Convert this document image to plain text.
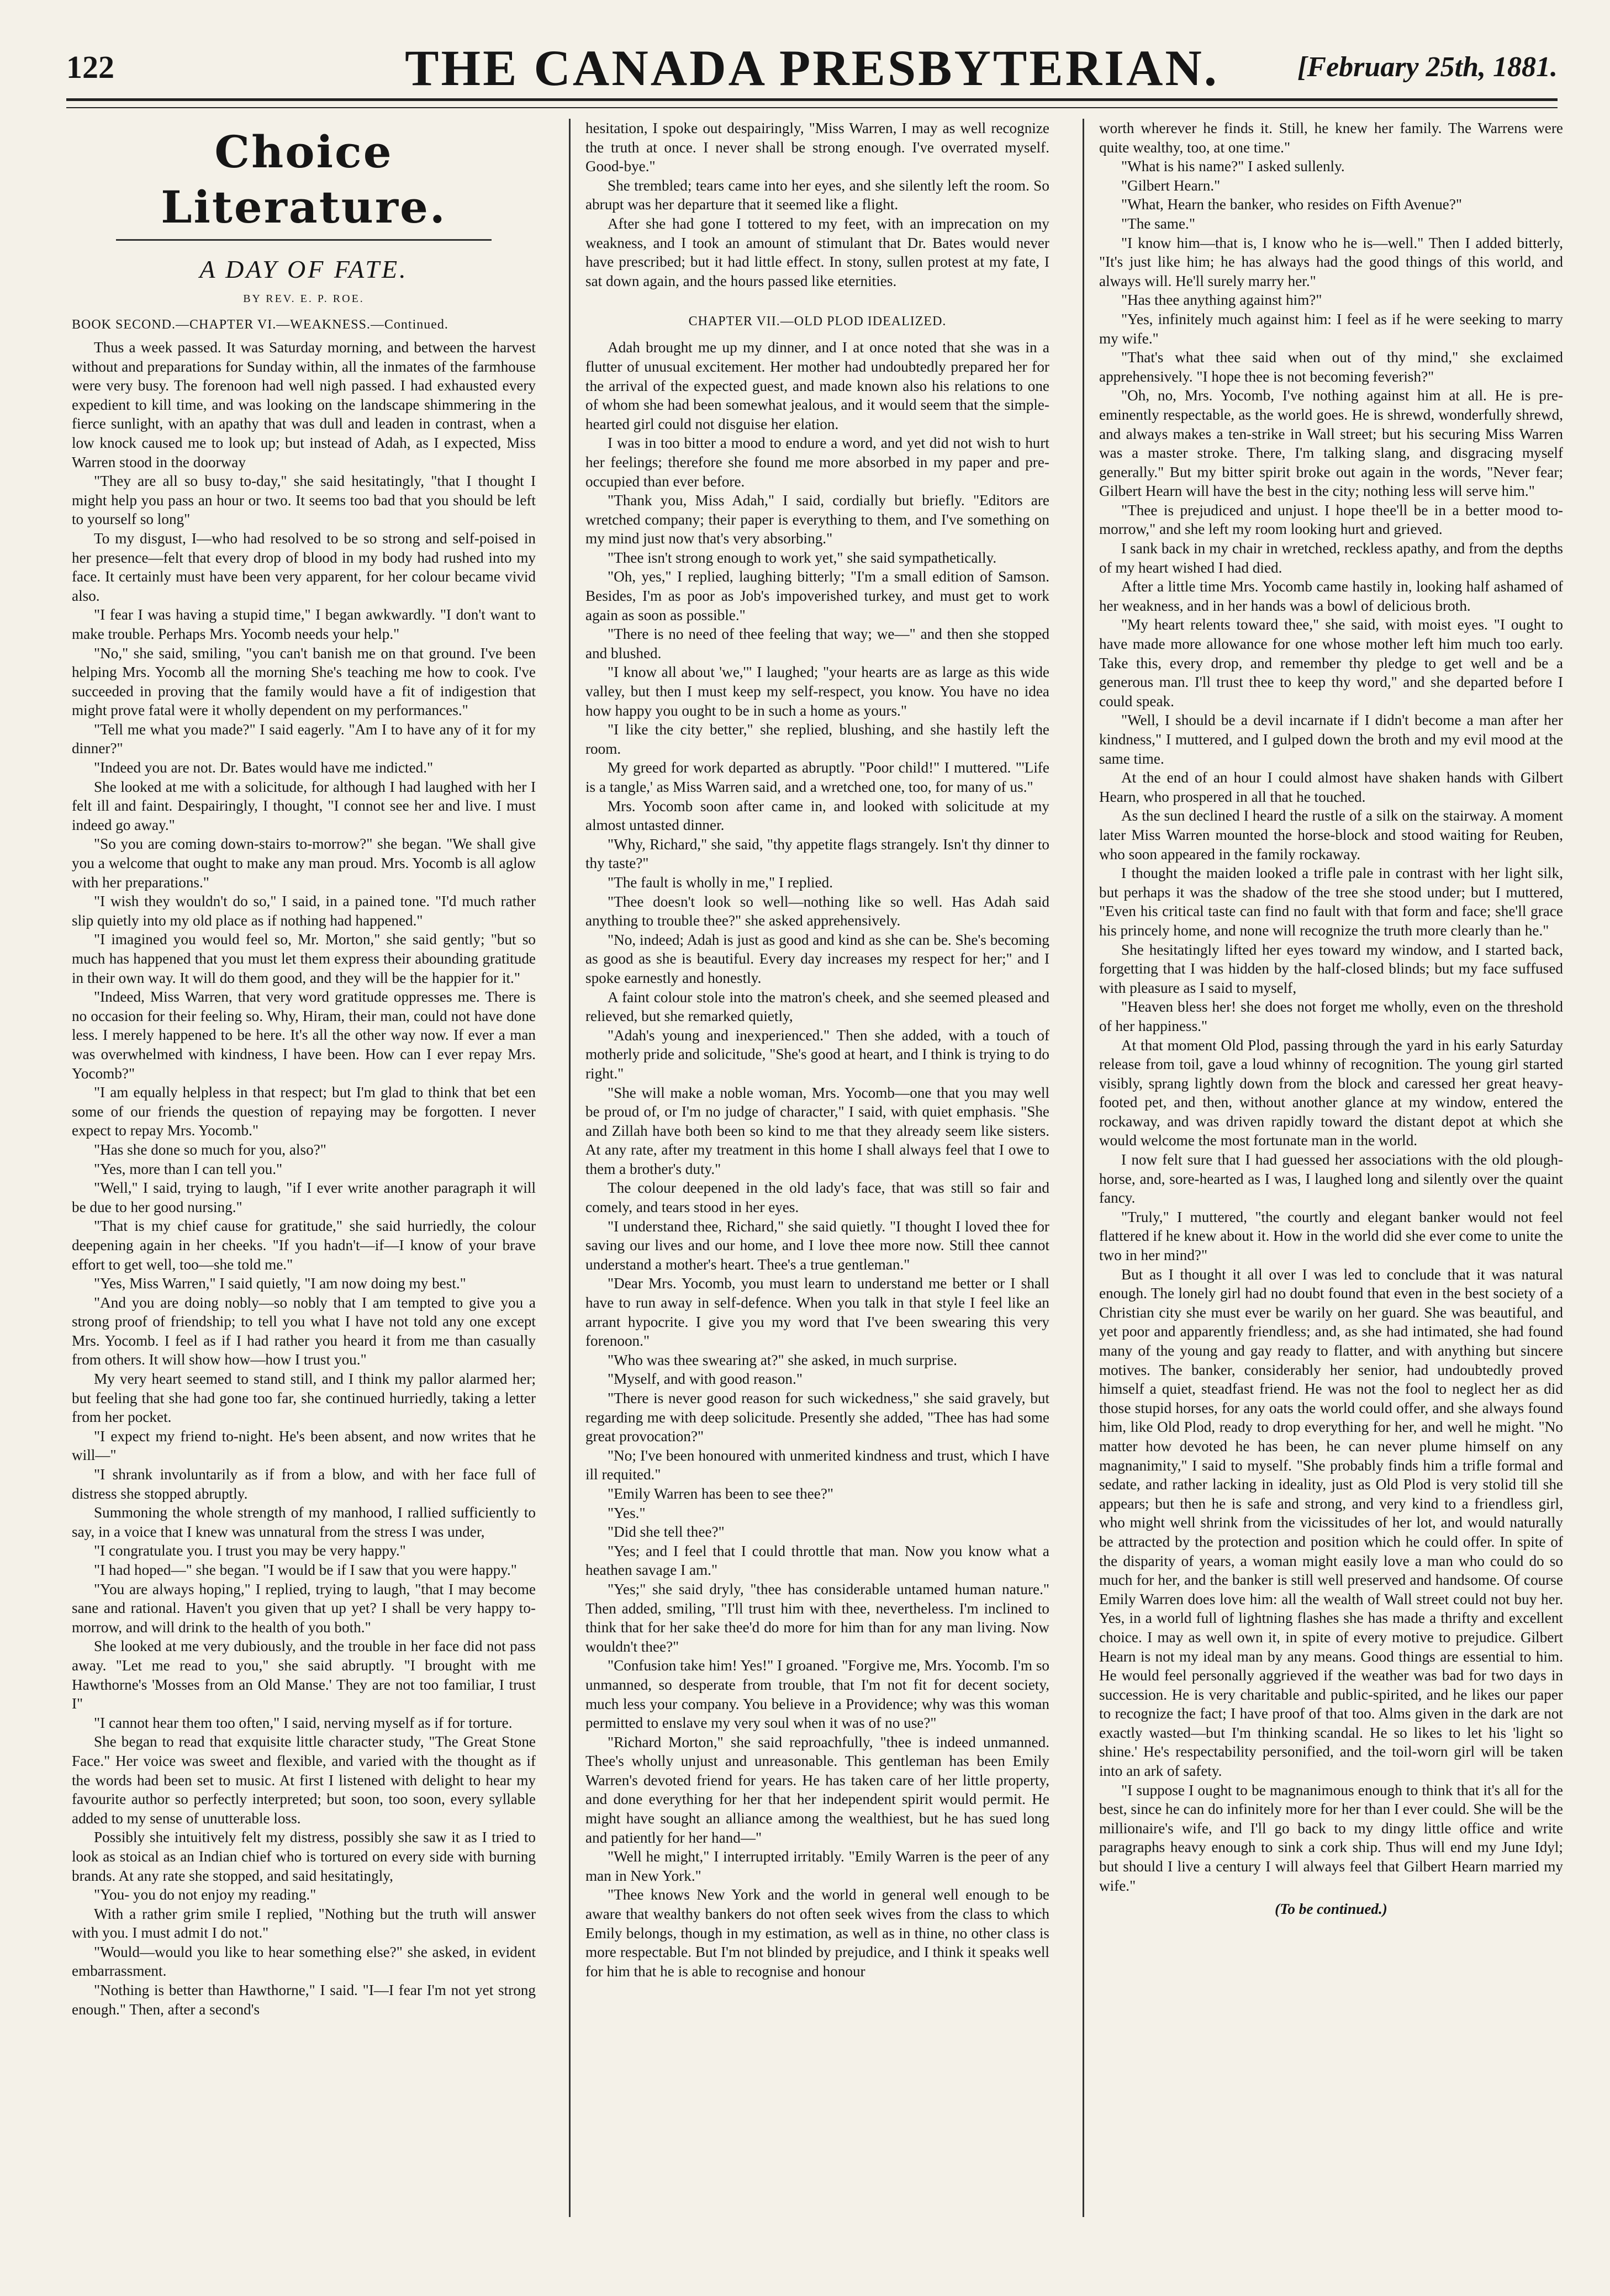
122	THE CANADA PRESBYTERIAN.	[February 25th, 1881.
Choice Literature.
A DAY OF FATE.
BY REV. E. P. ROE.
BOOK SECOND.—CHAPTER VI.—WEAKNESS.—Continued.

Thus a week passed. It was Saturday morning, and between the harvest without and preparations for Sunday within, all the inmates of the farmhouse were very busy. The forenoon had well nigh passed. I had exhausted every expedient to kill time, and was looking on the landscape shimmering in the fierce sunlight, with an apathy that was dull and leaden in contrast, when a low knock caused me to look up; but instead of Adah, as I expected, Miss Warren stood in the doorway

"They are all so busy to-day," she said hesitatingly, "that I thought I might help you pass an hour or two. It seems too bad that you should be left to yourself so long"

To my disgust, I—who had resolved to be so strong and self-poised in her presence—felt that every drop of blood in my body had rushed into my face. It certainly must have been very apparent, for her colour became vivid also.

"I fear I was having a stupid time," I began awkwardly. "I don't want to make trouble. Perhaps Mrs. Yocomb needs your help."

"No," she said, smiling, "you can't banish me on that ground. I've been helping Mrs. Yocomb all the morning She's teaching me how to cook. I've succeeded in proving that the family would have a fit of indigestion that might prove fatal were it wholly dependent on my performances."

"Tell me what you made?" I said eagerly. "Am I to have any of it for my dinner?"

"Indeed you are not. Dr. Bates would have me indicted."

She looked at me with a solicitude, for although I had laughed with her I felt ill and faint. Despairingly, I thought, "I connot see her and live. I must indeed go away."

"So you are coming down-stairs to-morrow?" she began. "We shall give you a welcome that ought to make any man proud. Mrs. Yocomb is all aglow with her preparations."

"I wish they wouldn't do so," I said, in a pained tone. "I'd much rather slip quietly into my old place as if nothing had happened."

"I imagined you would feel so, Mr. Morton," she said gently; "but so much has happened that you must let them express their abounding gratitude in their own way. It will do them good, and they will be the happier for it."

"Indeed, Miss Warren, that very word gratitude oppresses me. There is no occasion for their feeling so. Why, Hiram, their man, could not have done less. I merely happened to be here. It's all the other way now. If ever a man was overwhelmed with kindness, I have been. How can I ever repay Mrs. Yocomb?"

"I am equally helpless in that respect; but I'm glad to think that bet een some of our friends the question of repaying may be forgotten. I never expect to repay Mrs. Yocomb."

"Has she done so much for you, also?"

"Yes, more than I can tell you."

"Well," I said, trying to laugh, "if I ever write another paragraph it will be due to her good nursing."

"That is my chief cause for gratitude," she said hurriedly, the colour deepening again in her cheeks. "If you hadn't—if—I know of your brave effort to get well, too—she told me."

"Yes, Miss Warren," I said quietly, "I am now doing my best."

"And you are doing nobly—so nobly that I am tempted to give you a strong proof of friendship; to tell you what I have not told any one except Mrs. Yocomb. I feel as if I had rather you heard it from me than casually from others. It will show how—how I trust you."

My very heart seemed to stand still, and I think my pallor alarmed her; but feeling that she had gone too far, she continued hurriedly, taking a letter from her pocket.

"I expect my friend to-night. He's been absent, and now writes that he will—"

"I shrank involuntarily as if from a blow, and with her face full of distress she stopped abruptly.

Summoning the whole strength of my manhood, I rallied sufficiently to say, in a voice that I knew was unnatural from the stress I was under,

"I congratulate you. I trust you may be very happy."

"I had hoped—" she began. "I would be if I saw that you were happy."

"You are always hoping," I replied, trying to laugh, "that I may become sane and rational. Haven't you given that up yet? I shall be very happy to-morrow, and will drink to the health of you both."

She looked at me very dubiously, and the trouble in her face did not pass away. "Let me read to you," she said abruptly. "I brought with me Hawthorne's 'Mosses from an Old Manse.' They are not too familiar, I trust I"

"I cannot hear them too often," I said, nerving myself as if for torture.

She began to read that exquisite little character study, "The Great Stone Face." Her voice was sweet and flexible, and varied with the thought as if the words had been set to music. At first I listened with delight to hear my favourite author so perfectly interpreted; but soon, too soon, every syllable added to my sense of unutterable loss.

Possibly she intuitively felt my distress, possibly she saw it as I tried to look as stoical as an Indian chief who is tortured on every side with burning brands. At any rate she stopped, and said hesitatingly,

"You- you do not enjoy my reading."

With a rather grim smile I replied, "Nothing but the truth will answer with you. I must admit I do not."

"Would—would you like to hear something else?" she asked, in evident embarrassment.

"Nothing is better than Hawthorne," I said. "I—I fear I'm not yet strong enough." Then, after a second's

hesitation, I spoke out despairingly, "Miss Warren, I may as well recognize the truth at once. I never shall be strong enough. I've overrated myself. Good-bye."

She trembled; tears came into her eyes, and she silently left the room. So abrupt was her departure that it seemed like a flight.

After she had gone I tottered to my feet, with an imprecation on my weakness, and I took an amount of stimulant that Dr. Bates would never have prescribed; but it had little effect. In stony, sullen protest at my fate, I sat down again, and the hours passed like eternities.

CHAPTER VII.—OLD PLOD IDEALIZED.

Adah brought me up my dinner, and I at once noted that she was in a flutter of unusual excitement. Her mother had undoubtedly prepared her for the arrival of the expected guest, and made known also his relations to one of whom she had been somewhat jealous, and it would seem that the simple-hearted girl could not disguise her elation.

I was in too bitter a mood to endure a word, and yet did not wish to hurt her feelings; therefore she found me more absorbed in my paper and pre-occupied than ever before.

"Thank you, Miss Adah," I said, cordially but briefly. "Editors are wretched company; their paper is everything to them, and I've something on my mind just now that's very absorbing."

"Thee isn't strong enough to work yet," she said sympathetically.

"Oh, yes," I replied, laughing bitterly; "I'm a small edition of Samson. Besides, I'm as poor as Job's impoverished turkey, and must get to work again as soon as possible."

"There is no need of thee feeling that way; we—" and then she stopped and blushed.

"I know all about 'we,'" I laughed; "your hearts are as large as this wide valley, but then I must keep my self-respect, you know. You have no idea how happy you ought to be in such a home as yours."

"I like the city better," she replied, blushing, and she hastily left the room.

My greed for work departed as abruptly. "Poor child!" I muttered. "'Life is a tangle,' as Miss Warren said, and a wretched one, too, for many of us."

Mrs. Yocomb soon after came in, and looked with solicitude at my almost untasted dinner.

"Why, Richard," she said, "thy appetite flags strangely. Isn't thy dinner to thy taste?"

"The fault is wholly in me," I replied.

"Thee doesn't look so well—nothing like so well. Has Adah said anything to trouble thee?" she asked apprehensively.

"No, indeed; Adah is just as good and kind as she can be. She's becoming as good as she is beautiful. Every day increases my respect for her;" and I spoke earnestly and honestly.

A faint colour stole into the matron's cheek, and she seemed pleased and relieved, but she remarked quietly,

"Adah's young and inexperienced." Then she added, with a touch of motherly pride and solicitude, "She's good at heart, and I think is trying to do right."

"She will make a noble woman, Mrs. Yocomb—one that you may well be proud of, or I'm no judge of character," I said, with quiet emphasis. "She and Zillah have both been so kind to me that they already seem like sisters. At any rate, after my treatment in this home I shall always feel that I owe to them a brother's duty."

The colour deepened in the old lady's face, that was still so fair and comely, and tears stood in her eyes.

"I understand thee, Richard," she said quietly. "I thought I loved thee for saving our lives and our home, and I love thee more now. Still thee cannot understand a mother's heart. Thee's a true gentleman."

"Dear Mrs. Yocomb, you must learn to understand me better or I shall have to run away in self-defence. When you talk in that style I feel like an arrant hypocrite. I give you my word that I've been swearing this very forenoon."

"Who was thee swearing at?" she asked, in much surprise.

"Myself, and with good reason."

"There is never good reason for such wickedness," she said gravely, but regarding me with deep solicitude. Presently she added, "Thee has had some great provocation?"

"No; I've been honoured with unmerited kindness and trust, which I have ill requited."

"Emily Warren has been to see thee?"

"Yes."

"Did she tell thee?"

"Yes; and I feel that I could throttle that man. Now you know what a heathen savage I am."

"Yes;" she said dryly, "thee has considerable untamed human nature." Then added, smiling, "I'll trust him with thee, nevertheless. I'm inclined to think that for her sake thee'd do more for him than for any man living. Now wouldn't thee?"

"Confusion take him! Yes!" I groaned. "Forgive me, Mrs. Yocomb. I'm so unmanned, so desperate from trouble, that I'm not fit for decent society, much less your company. You believe in a Providence; why was this woman permitted to enslave my very soul when it was of no use?"

"Richard Morton," she said reproachfully, "thee is indeed unmanned. Thee's wholly unjust and unreasonable. This gentleman has been Emily Warren's devoted friend for years. He has taken care of her little property, and done everything for her that her independent spirit would permit. He might have sought an alliance among the wealthiest, but he has sued long and patiently for her hand—"

"Well he might," I interrupted irritably. "Emily Warren is the peer of any man in New York."

"Thee knows New York and the world in general well enough to be aware that wealthy bankers do not often seek wives from the class to which Emily belongs, though in my estimation, as well as in thine, no other class is more respectable. But I'm not blinded by prejudice, and I think it speaks well for him that he is able to recognise and honour

worth wherever he finds it. Still, he knew her family. The Warrens were quite wealthy, too, at one time."

"What is his name?" I asked sullenly.

"Gilbert Hearn."

"What, Hearn the banker, who resides on Fifth Avenue?"

"The same."

"I know him—that is, I know who he is—well." Then I added bitterly, "It's just like him; he has always had the good things of this world, and always will. He'll surely marry her."

"Has thee anything against him?"

"Yes, infinitely much against him: I feel as if he were seeking to marry my wife."

"That's what thee said when out of thy mind," she exclaimed apprehensively. "I hope thee is not becoming feverish?"

"Oh, no, Mrs. Yocomb, I've nothing against him at all. He is pre-eminently respectable, as the world goes. He is shrewd, wonderfully shrewd, and always makes a ten-strike in Wall street; but his securing Miss Warren was a master stroke. There, I'm talking slang, and disgracing myself generally." But my bitter spirit broke out again in the words, "Never fear; Gilbert Hearn will have the best in the city; nothing less will serve him."

"Thee is prejudiced and unjust. I hope thee'll be in a better mood to-morrow," and she left my room looking hurt and grieved.

I sank back in my chair in wretched, reckless apathy, and from the depths of my heart wished I had died.

After a little time Mrs. Yocomb came hastily in, looking half ashamed of her weakness, and in her hands was a bowl of delicious broth.

"My heart relents toward thee," she said, with moist eyes. "I ought to have made more allowance for one whose mother left him much too early. Take this, every drop, and remember thy pledge to get well and be a generous man. I'll trust thee to keep thy word," and she departed before I could speak.

"Well, I should be a devil incarnate if I didn't become a man after her kindness," I muttered, and I gulped down the broth and my evil mood at the same time.

At the end of an hour I could almost have shaken hands with Gilbert Hearn, who prospered in all that he touched.

As the sun declined I heard the rustle of a silk on the stairway. A moment later Miss Warren mounted the horse-block and stood waiting for Reuben, who soon appeared in the family rockaway.

I thought the maiden looked a trifle pale in contrast with her light silk, but perhaps it was the shadow of the tree she stood under; but I muttered, "Even his critical taste can find no fault with that form and face; she'll grace his princely home, and none will recognize the truth more clearly than he."

She hesitatingly lifted her eyes toward my window, and I started back, forgetting that I was hidden by the half-closed blinds; but my face suffused with pleasure as I said to myself,

"Heaven bless her! she does not forget me wholly, even on the threshold of her happiness."

At that moment Old Plod, passing through the yard in his early Saturday release from toil, gave a loud whinny of recognition. The young girl started visibly, sprang lightly down from the block and caressed her great heavy-footed pet, and then, without another glance at my window, entered the rockaway, and was driven rapidly toward the distant depot at which she would welcome the most fortunate man in the world.

I now felt sure that I had guessed her associations with the old plough-horse, and, sore-hearted as I was, I laughed long and silently over the quaint fancy.

"Truly," I muttered, "the courtly and elegant banker would not feel flattered if he knew about it. How in the world did she ever come to unite the two in her mind?"

But as I thought it all over I was led to conclude that it was natural enough. The lonely girl had no doubt found that even in the best society of a Christian city she must ever be warily on her guard. She was beautiful, and yet poor and apparently friendless; and, as she had intimated, she had found many of the young and gay ready to flatter, and with anything but sincere motives. The banker, considerably her senior, had undoubtedly proved himself a quiet, steadfast friend. He was not the fool to neglect her as did those stupid horses, for any oats the world could offer, and she always found him, like Old Plod, ready to drop everything for her, and well he might. "No matter how devoted he has been, he can never plume himself on any magnanimity," I said to myself. "She probably finds him a trifle formal and sedate, and rather lacking in ideality, just as Old Plod is very stolid till she appears; but then he is safe and strong, and very kind to a friendless girl, who might well shrink from the vicissitudes of her lot, and would naturally be attracted by the protection and position which he could offer. In spite of the disparity of years, a woman might easily love a man who could do so much for her, and the banker is still well preserved and handsome. Of course Emily Warren does love him: all the wealth of Wall street could not buy her. Yes, in a world full of lightning flashes she has made a thrifty and excellent choice. I may as well own it, in spite of every motive to prejudice. Gilbert Hearn is not my ideal man by any means. Good things are essential to him. He would feel personally aggrieved if the weather was bad for two days in succession. He is very charitable and public-spirited, and he likes our paper to recognize the fact; I have proof of that too. Alms given in the dark are not exactly wasted—but I'm thinking scandal. He so likes to let his 'light so shine.' He's respectability personified, and the toil-worn girl will be taken into an ark of safety.

"I suppose I ought to be magnanimous enough to think that it's all for the best, since he can do infinitely more for her than I ever could. She will be the millionaire's wife, and I'll go back to my dingy little office and write paragraphs heavy enough to sink a cork ship. Thus will end my June Idyl; but should I live a century I will always feel that Gilbert Hearn married my wife."

(To be continued.)
